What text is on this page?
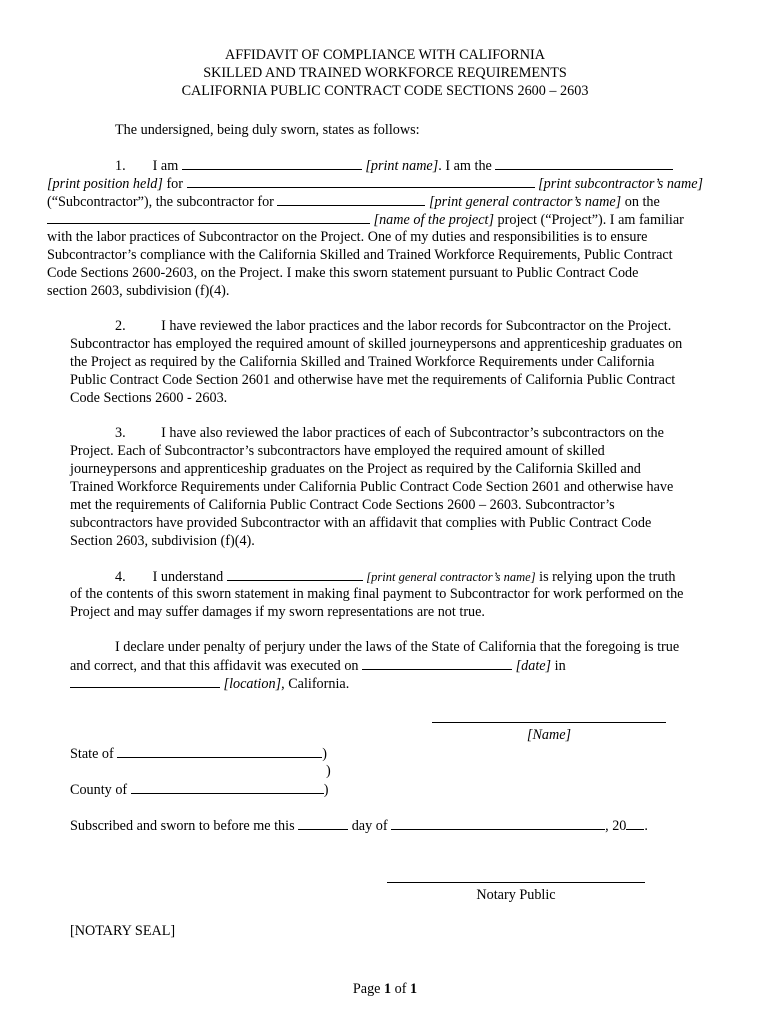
AFFIDAVIT OF COMPLIANCE WITH CALIFORNIA
SKILLED AND TRAINED WORKFORCE REQUIREMENTS
CALIFORNIA PUBLIC CONTRACT CODE SECTIONS 2600 – 2603
The undersigned, being duly sworn, states as follows:
1. I am	[print name]. I am the
[print position held] for	[print subcontractor’s name]
(“Subcontractor”), the subcontractor for	[print general contractor’s name] on the
[name of the project] project (“Project”). I am familiar
with the labor practices of Subcontractor on the Project. One of my duties and responsibilities is to ensure
Subcontractor’s compliance with the California Skilled and Trained Workforce Requirements, Public Contract
Code Sections 2600-2603, on the Project. I make this sworn statement pursuant to Public Contract Code
section 2603, subdivision (f)(4).
2.          I have reviewed the labor practices and the labor records for Subcontractor on the Project.
Subcontractor has employed the required amount of skilled journeypersons and apprenticeship graduates on
the Project as required by the California Skilled and Trained Workforce Requirements under California
Public Contract Code Section 2601 and otherwise have met the requirements of California Public Contract
Code Sections 2600 - 2603.
3.          I have also reviewed the labor practices of each of Subcontractor’s subcontractors on the
Project. Each of Subcontractor’s subcontractors have employed the required amount of skilled
journeypersons and apprenticeship graduates on the Project as required by the California Skilled and
Trained Workforce Requirements under California Public Contract Code Section 2601 and otherwise have
met the requirements of California Public Contract Code Sections 2600 – 2603. Subcontractor’s
subcontractors have provided Subcontractor with an affidavit that complies with Public Contract Code
Section 2603, subdivision (f)(4).
4. I understand	[print general contractor’s name] is relying upon the truth
of the contents of this sworn statement in making final payment to Subcontractor for work performed on the
Project and may suffer damages if my sworn representations are not true.
I declare under penalty of perjury under the laws of the State of California that the foregoing is true
and correct, and that this affidavit was executed on	[date] in
[location], California.
[Name]
State of	)
)
County of	)
Subscribed and sworn to before me this	day of	, 20 .
Notary Public
[NOTARY SEAL]
Page 1 of 1
